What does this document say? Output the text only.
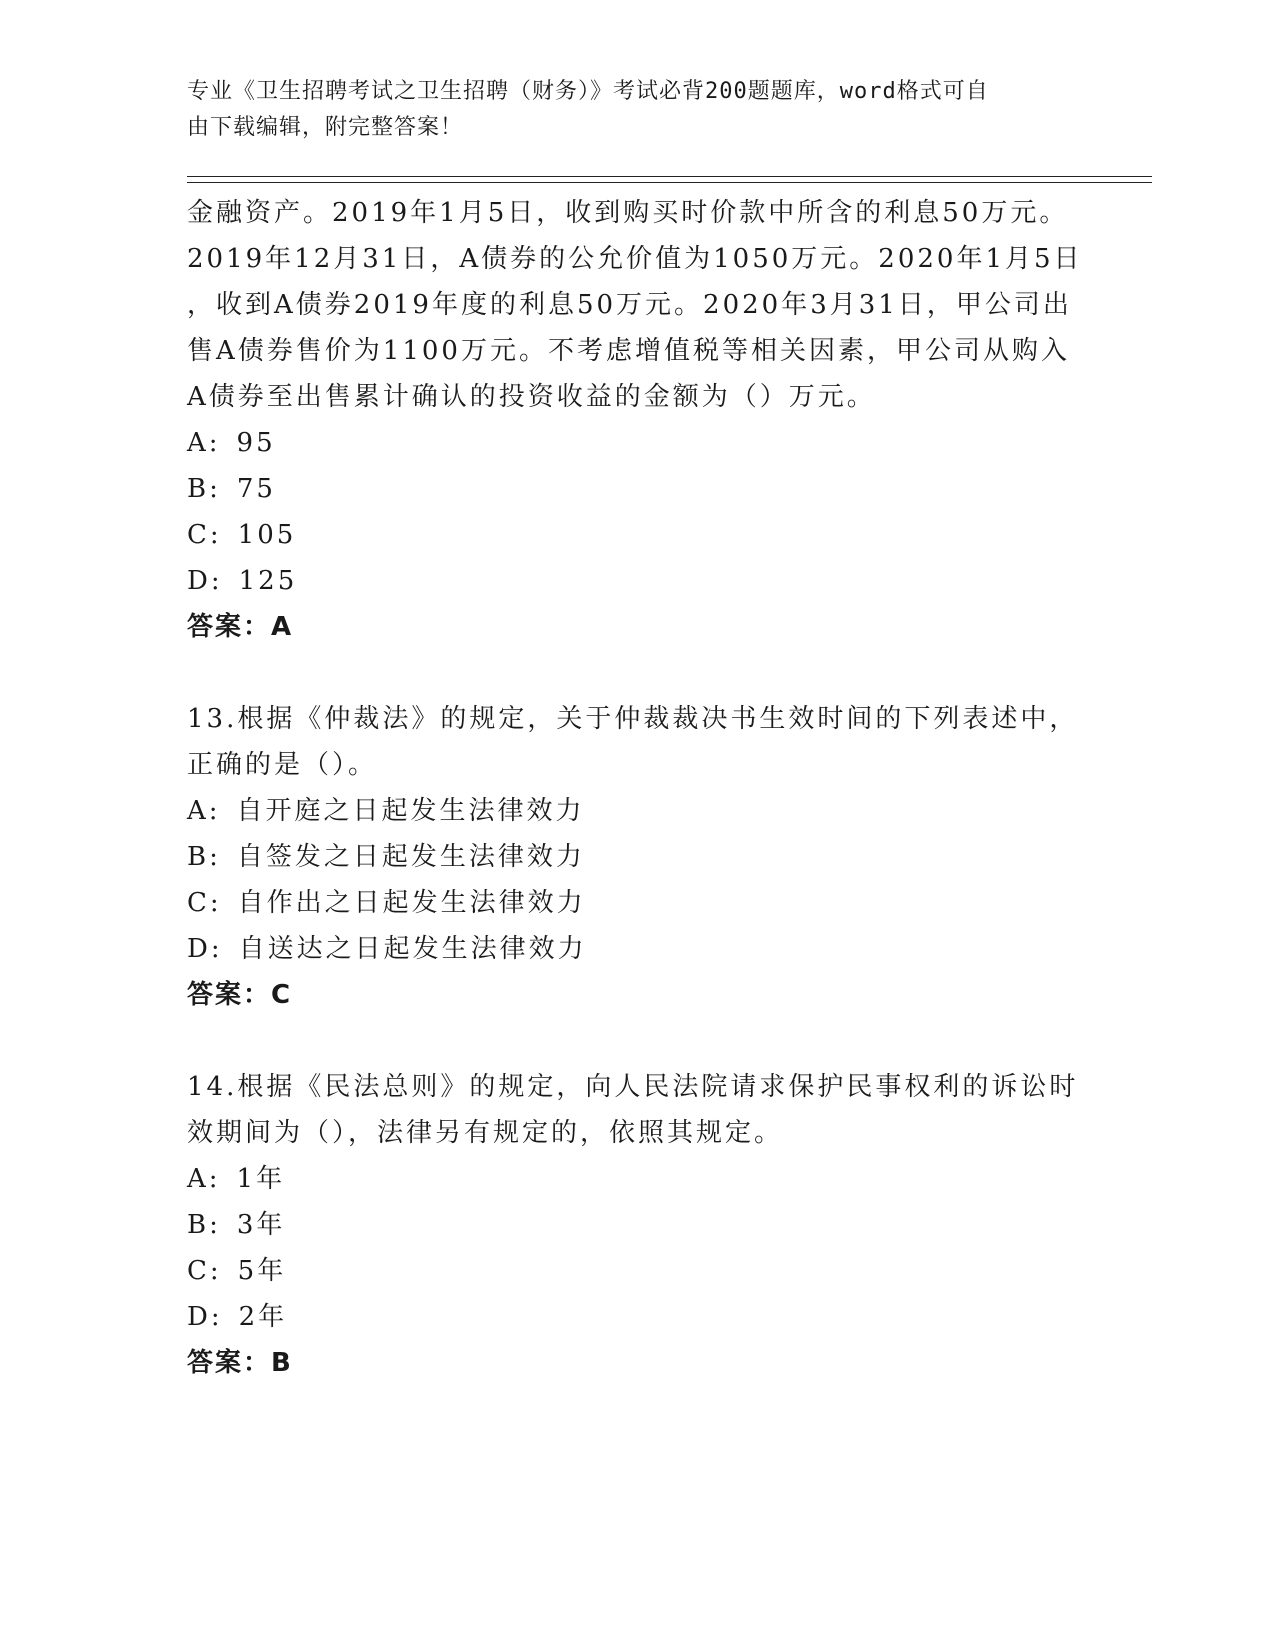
专业《卫生招聘考试之卫生招聘（财务）》考试必背200题题库，word格式可自
由下载编辑，附完整答案！
金融资产。2019年1月5日，收到购买时价款中所含的利息50万元。
2019年12月31日，A债券的公允价值为1050万元。2020年1月5日
，收到A债券2019年度的利息50万元。2020年3月31日，甲公司出
售A债券售价为1100万元。不考虑增值税等相关因素，甲公司从购入
A债券至出售累计确认的投资收益的金额为（）万元。
A: 95
B: 75
C: 105
D: 125
答案：A
13.根据《仲裁法》的规定，关于仲裁裁决书生效时间的下列表述中，
正确的是（）。
A: 自开庭之日起发生法律效力
B: 自签发之日起发生法律效力
C: 自作出之日起发生法律效力
D: 自送达之日起发生法律效力
答案：C
14.根据《民法总则》的规定，向人民法院请求保护民事权利的诉讼时
效期间为（），法律另有规定的，依照其规定。
A: 1年
B: 3年
C: 5年
D: 2年
答案：B
